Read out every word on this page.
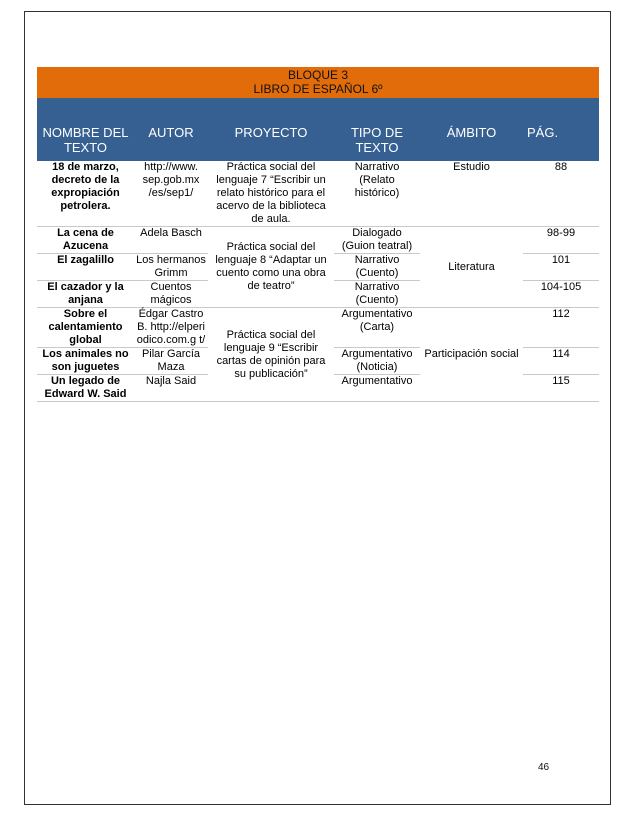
BLOQUE 3
LIBRO DE ESPAÑOL 6º
NOMBRE DEL TEXTO	AUTOR	PROYECTO	TIPO DE TEXTO	ÁMBITO	PÁG.
18 de marzo, decreto de la expropiación petrolera.	http://www. sep.gob.mx /es/sep1/	Práctica social del lenguaje 7 “Escribir un relato histórico para el acervo de la biblioteca de aula.	Narrativo (Relato histórico)	Estudio	88
La cena de Azucena	Adela Basch	Práctica social del lenguaje 8 “Adaptar un cuento como una obra de teatro”	Dialogado (Guion teatral)	Literatura	98-99
El zagalillo	Los hermanos Grimm		Narrativo (Cuento)		101
El cazador y la anjana	Cuentos mágicos		Narrativo (Cuento)		104-105
Sobre el calentamiento global	Édgar Castro B. http://elperi odico.com.g t/	Práctica social del lenguaje 9 “Escribir cartas de opinión para su publicación”	Argumentativo (Carta)	Participación social	112
Los animales no son juguetes	Pilar García Maza		Argumentativo (Noticia)		114
Un legado de Edward W. Said	Najla Said		Argumentativo		115
46
